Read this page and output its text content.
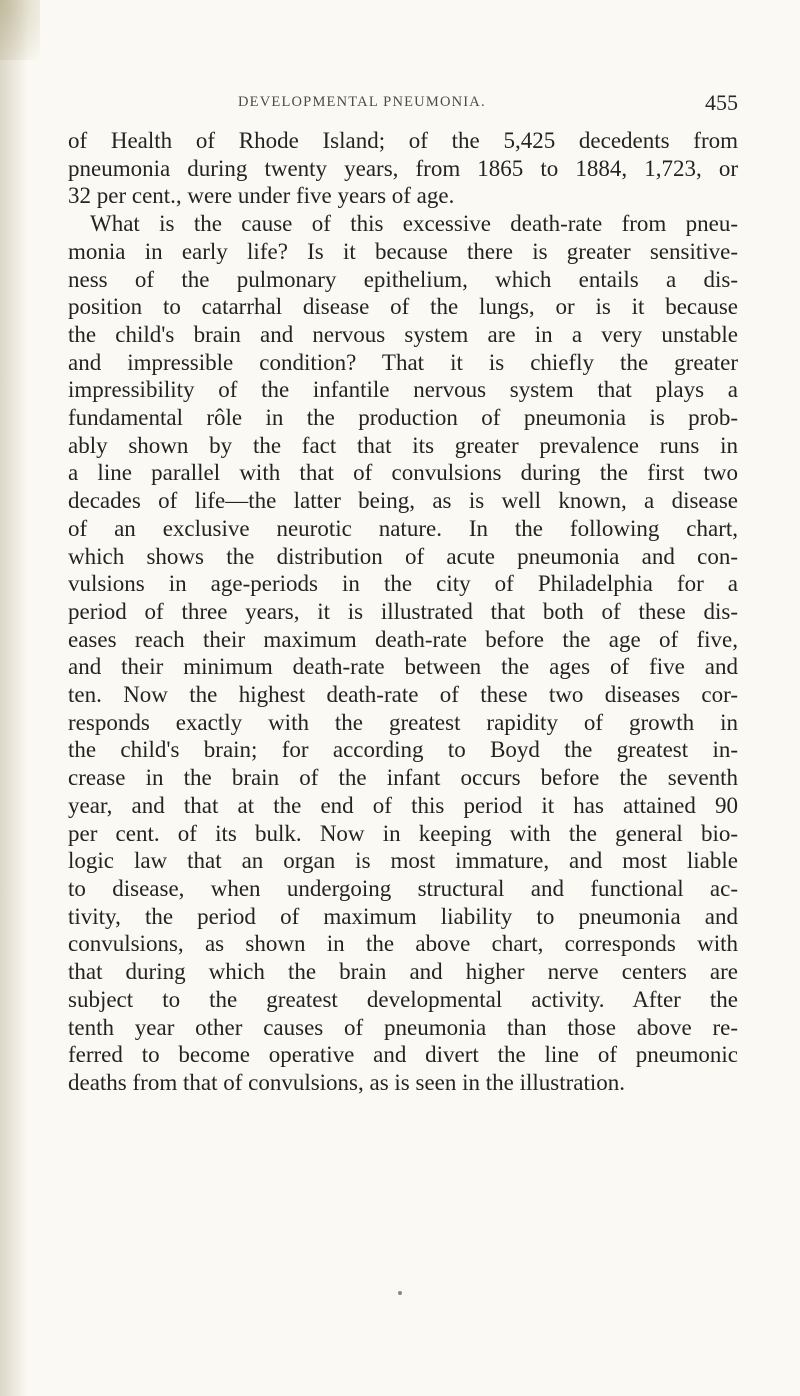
DEVELOPMENTAL PNEUMONIA.	455
of Health of Rhode Island; of the 5,425 decedents from
pneumonia during twenty years, from 1865 to 1884, 1,723, or
32 per cent., were under five years of age.
What is the cause of this excessive death-rate from pneu-
monia in early life? Is it because there is greater sensitive-
ness of the pulmonary epithelium, which entails a dis-
position to catarrhal disease of the lungs, or is it because
the child's brain and nervous system are in a very unstable
and impressible condition? That it is chiefly the greater
impressibility of the infantile nervous system that plays a
fundamental rôle in the production of pneumonia is prob-
ably shown by the fact that its greater prevalence runs in
a line parallel with that of convulsions during the first two
decades of life—the latter being, as is well known, a disease
of an exclusive neurotic nature. In the following chart,
which shows the distribution of acute pneumonia and con-
vulsions in age-periods in the city of Philadelphia for a
period of three years, it is illustrated that both of these dis-
eases reach their maximum death-rate before the age of five,
and their minimum death-rate between the ages of five and
ten. Now the highest death-rate of these two diseases cor-
responds exactly with the greatest rapidity of growth in
the child's brain; for according to Boyd the greatest in-
crease in the brain of the infant occurs before the seventh
year, and that at the end of this period it has attained 90
per cent. of its bulk. Now in keeping with the general bio-
logic law that an organ is most immature, and most liable
to disease, when undergoing structural and functional ac-
tivity, the period of maximum liability to pneumonia and
convulsions, as shown in the above chart, corresponds with
that during which the brain and higher nerve centers are
subject to the greatest developmental activity. After the
tenth year other causes of pneumonia than those above re-
ferred to become operative and divert the line of pneumonic
deaths from that of convulsions, as is seen in the illustration.
